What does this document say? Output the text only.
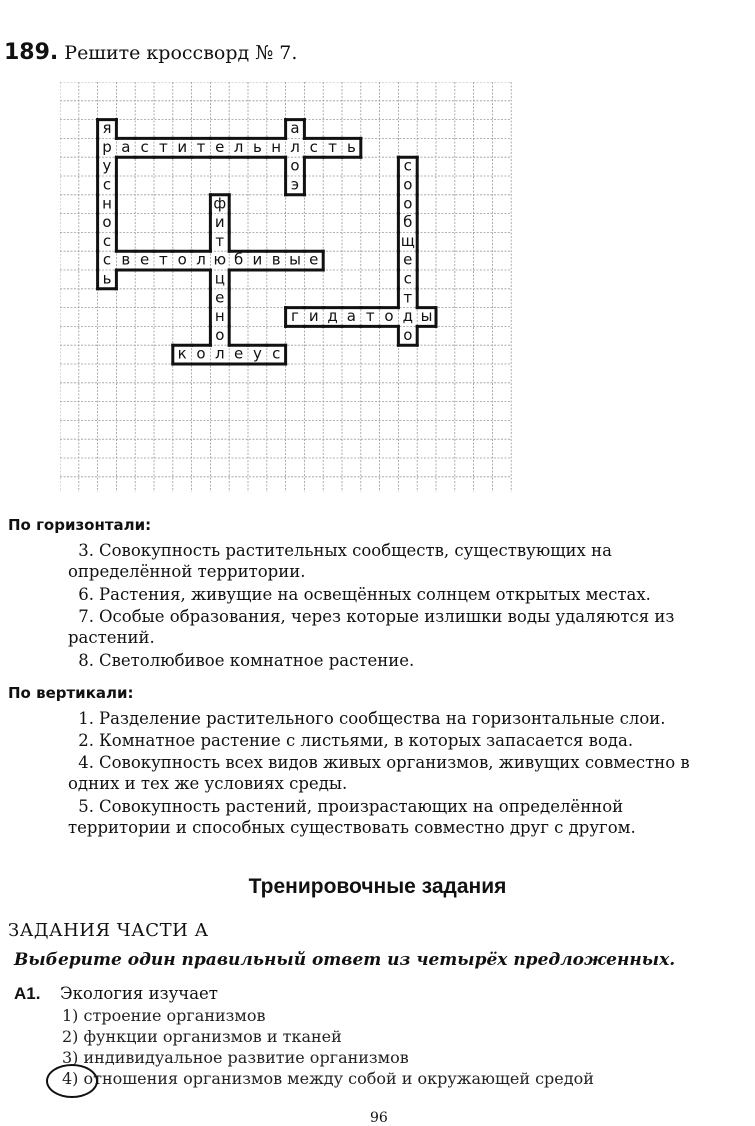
189. Решите кроссворд № 7.
я
р
у
с
н
о
с
с
ь
а с т и т е л ь н л с т ь
а
о
э
ф
и
т
ю
ц
е
н
о
л
с
о
о
б
щ
е
с
т
д
о
в е т о л б и в ы е
г и д а т о ы
к о е у с
По горизонтали:
3. Совокупность растительных сообществ, существующих на определённой территории.
6. Растения, живущие на освещённых солнцем открытых местах.
7. Особые образования, через которые излишки воды удаляются из растений.
8. Светолюбивое комнатное растение.
По вертикали:
1. Разделение растительного сообщества на горизонтальные слои.
2. Комнатное растение с листьями, в которых запасается вода.
4. Совокупность всех видов живых организмов, живущих совместно в одних и тех же условиях среды.
5. Совокупность растений, произрастающих на определённой территории и способных существовать совместно друг с другом.
Тренировочные задания
ЗАДАНИЯ ЧАСТИ А
Выберите один правильный ответ из четырёх предложенных.
А1. Экология изучает
1) строение организмов
2) функции организмов и тканей
3) индивидуальное развитие организмов
4) отношения организмов между собой и окружающей средой
96
